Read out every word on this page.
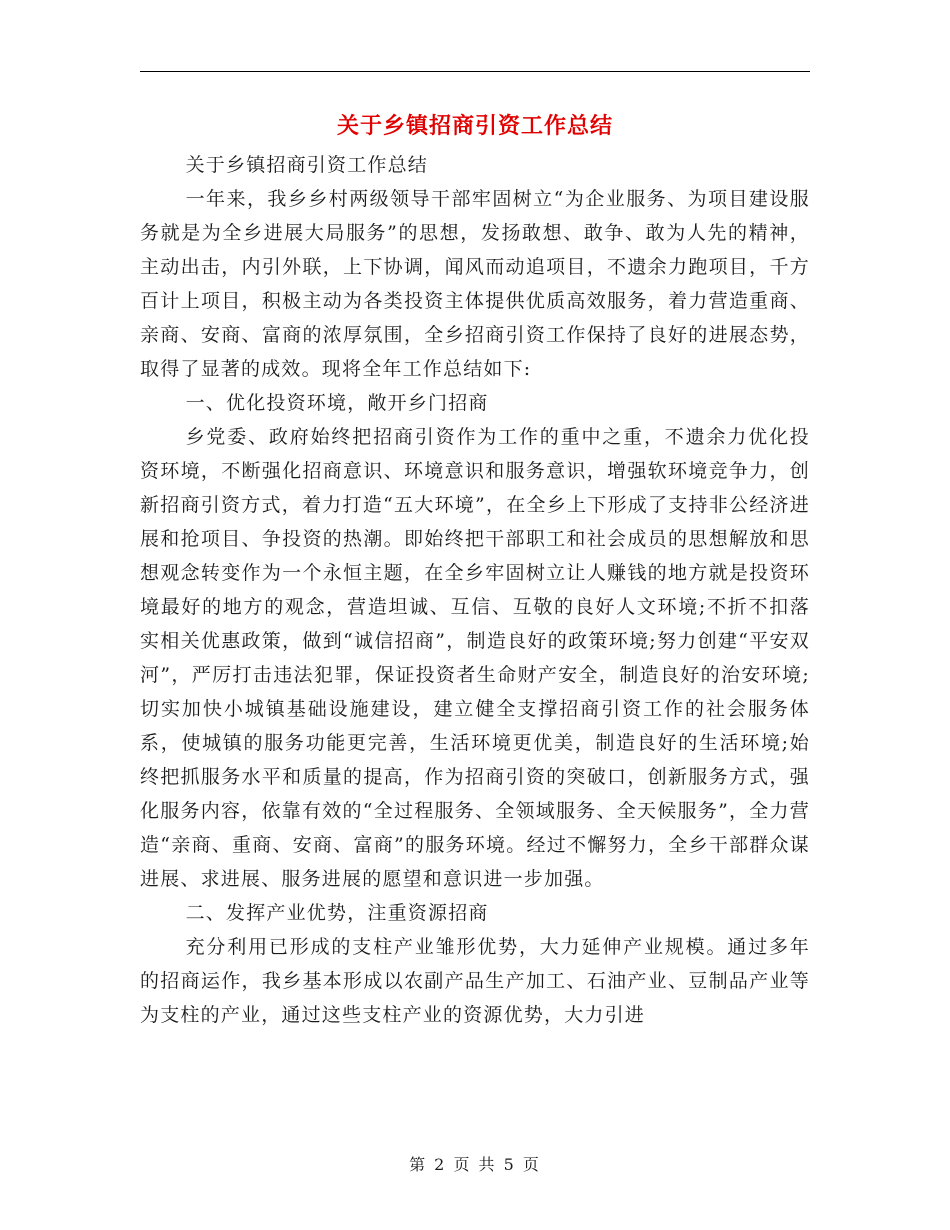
关于乡镇招商引资工作总结

关于乡镇招商引资工作总结

一年来，我乡乡村两级领导干部牢固树立“为企业服务、为项目建设服务就是为全乡进展大局服务”的思想，发扬敢想、敢争、敢为人先的精神，主动出击，内引外联，上下协调，闻风而动追项目，不遗余力跑项目，千方百计上项目，积极主动为各类投资主体提供优质高效服务，着力营造重商、亲商、安商、富商的浓厚氛围，全乡招商引资工作保持了良好的进展态势，取得了显著的成效。现将全年工作总结如下:

一、优化投资环境，敞开乡门招商

乡党委、政府始终把招商引资作为工作的重中之重，不遗余力优化投资环境，不断强化招商意识、环境意识和服务意识，增强软环境竞争力，创新招商引资方式，着力打造“五大环境”，在全乡上下形成了支持非公经济进展和抢项目、争投资的热潮。即始终把干部职工和社会成员的思想解放和思想观念转变作为一个永恒主题，在全乡牢固树立让人赚钱的地方就是投资环境最好的地方的观念，营造坦诚、互信、互敬的良好人文环境;不折不扣落实相关优惠政策，做到“诚信招商”，制造良好的政策环境;努力创建“平安双河”，严厉打击违法犯罪，保证投资者生命财产安全，制造良好的治安环境;切实加快小城镇基础设施建设，建立健全支撑招商引资工作的社会服务体系，使城镇的服务功能更完善，生活环境更优美，制造良好的生活环境;始终把抓服务水平和质量的提高，作为招商引资的突破口，创新服务方式，强化服务内容，依靠有效的“全过程服务、全领域服务、全天候服务”，全力营造“亲商、重商、安商、富商”的服务环境。经过不懈努力，全乡干部群众谋进展、求进展、服务进展的愿望和意识进一步加强。

二、发挥产业优势，注重资源招商

充分利用已形成的支柱产业雏形优势，大力延伸产业规模。通过多年的招商运作，我乡基本形成以农副产品生产加工、石油产业、豆制品产业等为支柱的产业，通过这些支柱产业的资源优势，大力引进

第 2 页 共 5 页
